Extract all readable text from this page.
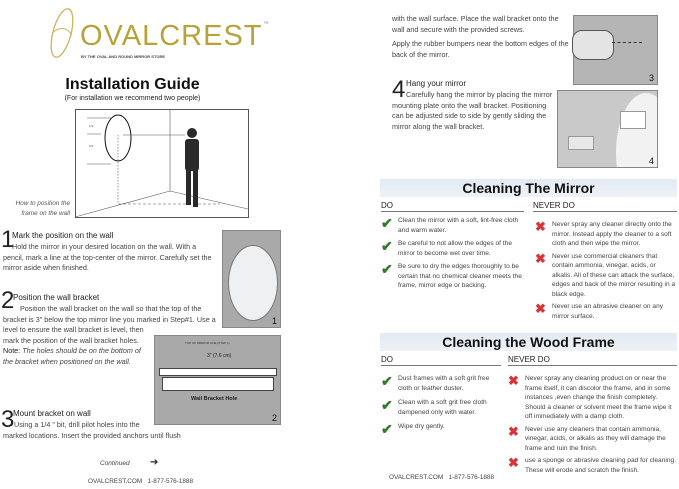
OVALCREST ™
BY THE OVAL AND ROUND MIRROR STORE
Installation Guide
(For installation we recommend two people)
1/3
2/3
How to position the frame on the wall
1
Mark the position on the wall
Hold the mirror in your desired location on the wall. With a pencil, mark a line at the top-center of the mirror. Carefully set the mirror aside when finished.
1
2
Position the wall bracket
Position the wall bracket on the wall so that the top of the bracket is 3" below the top mirror line you marked in Step#1. Use a level to ensure the wall bracket is level, then mark the position of the wall bracket holes.
Note: The holes should be on the bottom of the bracket when positioned on the wall.
TOP OF MIRROR LINE (STEP 1)
3" (7.6 cm)
Wall Bracket Hole
2
3
Mount bracket on wall
Using a 1/4 " bit, drill pilot holes into the marked locations. Insert the provided anchors until flush
Continued ➔
OVALCREST.COM   1-877-576-1888
with the wall surface. Place the wall bracket onto the wall and secure with the provided screws.
Apply the rubber bumpers near the bottom edges of the back of the mirror.
3
4 Hang your mirror
Carefully hang the mirror by placing the mirror mounting plate onto the wall bracket. Positioning can be adjusted side to side by gently sliding the mirror along the wall bracket.
4
Cleaning The Mirror
DO	NEVER DO
✔ Clean the mirror with a soft, lint-free cloth and warm water.
✔ Be careful to not allow the edges of the mirror to become wet over time.
✔ Be sure to dry the edges thoroughly to be certain that no chemical cleaner meets the frame, mirror edge or backing.
✖ Never spray any cleaner directly onto the mirror. Instead apply the cleaner to a soft cloth and then wipe the mirror.
✖ Never use commercial cleaners that contain ammonia, vinegar, acids, or alkalis. All of these can attack the surface, edges and back of the mirror resulting in a black edge.
✖ Never use an abrasive cleaner on any mirror surface.
Cleaning the Wood Frame
DO	NEVER DO
✔ Dust frames with a soft grit free cloth or feather duster.
✔ Clean with a soft grit free cloth dampened only with water.
✔ Wipe dry gently.
✖ Never spray any cleaning product on or near the frame itself, it can discolor the frame, and in some instances ,even change the finish completely. Should a cleaner or solvent meet the frame wipe it off immediately with a damp cloth.
✖ Never use any cleaners that contain ammonia, vinegar, acids, or alkalis as they will damage the frame and ruin the finish.
✖ use a sponge or abrasive cleaning pad for cleaning. These will erode and scratch the finish.
OVALCREST.COM   1-877-576-1888
